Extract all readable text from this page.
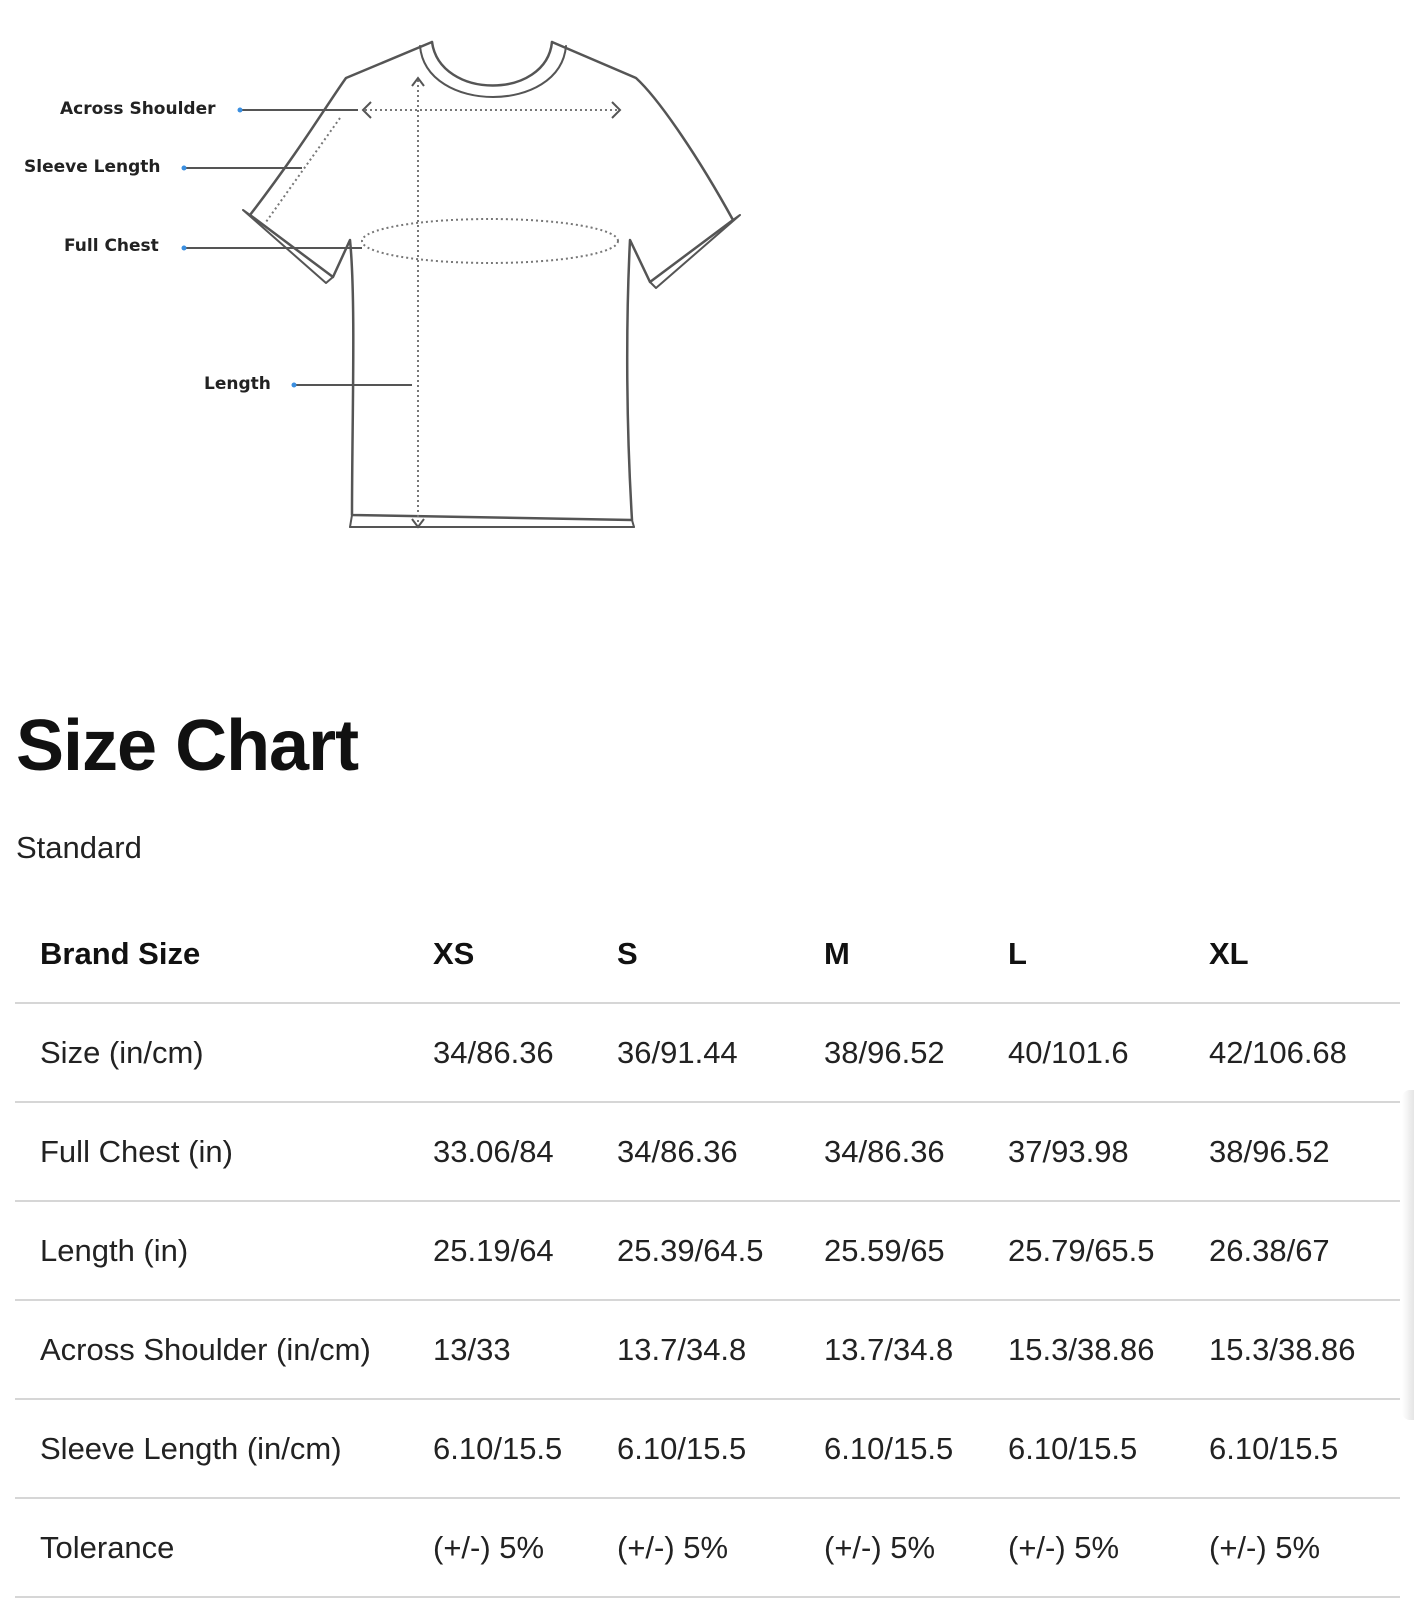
Across Shoulder
Sleeve Length
Full Chest
Length
Size Chart
Standard
Brand Size	XS	S	M	L	XL
Size (in/cm)	34/86.36	36/91.44	38/96.52	40/101.6	42/106.68
Full Chest (in)	33.06/84	34/86.36	34/86.36	37/93.98	38/96.52
Length (in)	25.19/64	25.39/64.5	25.59/65	25.79/65.5	26.38/67
Across Shoulder (in/cm)	13/33	13.7/34.8	13.7/34.8	15.3/38.86	15.3/38.86
Sleeve Length (in/cm)	6.10/15.5	6.10/15.5	6.10/15.5	6.10/15.5	6.10/15.5
Tolerance	(+/-) 5%	(+/-) 5%	(+/-) 5%	(+/-) 5%	(+/-) 5%
